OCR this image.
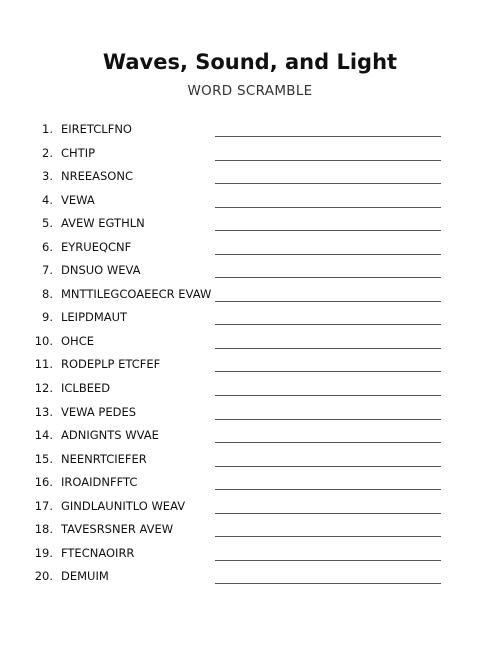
Waves, Sound, and Light
WORD SCRAMBLE
1. EIRETCLFNO
2. CHTIP
3. NREEASONC
4. VEWA
5. AVEW EGTHLN
6. EYRUEQCNF
7. DNSUO WEVA
8. MNTTILEGCOAEECR EVAW
9. LEIPDMAUT
10. OHCE
11. RODEPLP ETCFEF
12. ICLBEED
13. VEWA PEDES
14. ADNIGNTS WVAE
15. NEENRTCIEFER
16. IROAIDNFFTC
17. GINDLAUNITLO WEAV
18. TAVESRSNER AVEW
19. FTECNAOIRR
20. DEMUIM
